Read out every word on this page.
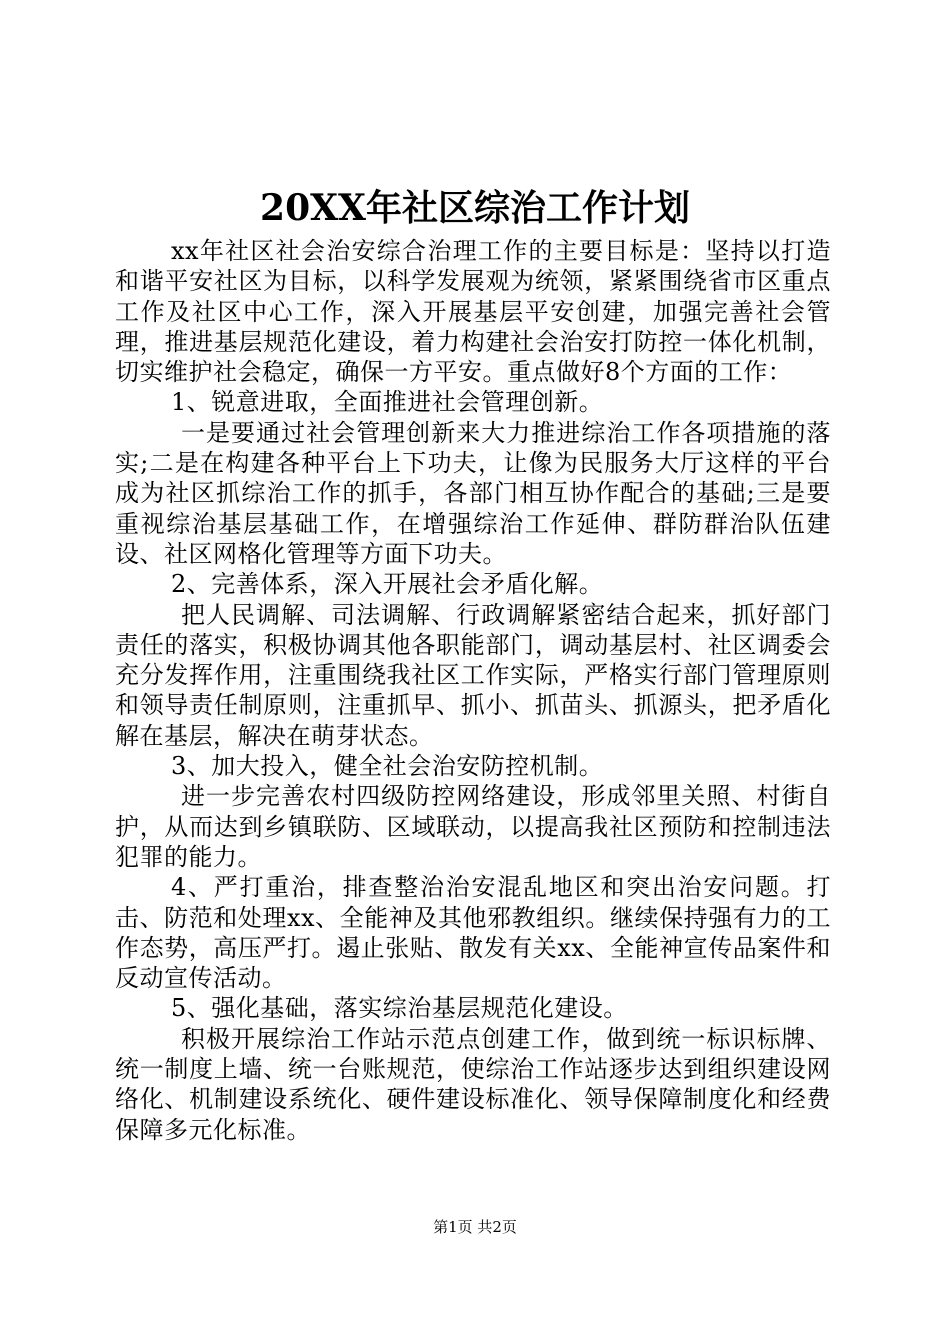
20XX年社区综治工作计划

xx年社区社会治安综合治理工作的主要目标是：坚持以打造和谐平安社区为目标，以科学发展观为统领，紧紧围绕省市区重点工作及社区中心工作，深入开展基层平安创建，加强完善社会管理，推进基层规范化建设，着力构建社会治安打防控一体化机制，切实维护社会稳定，确保一方平安。重点做好8个方面的工作：

1、锐意进取，全面推进社会管理创新。

一是要通过社会管理创新来大力推进综治工作各项措施的落实;二是在构建各种平台上下功夫，让像为民服务大厅这样的平台成为社区抓综治工作的抓手，各部门相互协作配合的基础;三是要重视综治基层基础工作，在增强综治工作延伸、群防群治队伍建设、社区网格化管理等方面下功夫。

2、完善体系，深入开展社会矛盾化解。

把人民调解、司法调解、行政调解紧密结合起来，抓好部门责任的落实，积极协调其他各职能部门，调动基层村、社区调委会充分发挥作用，注重围绕我社区工作实际，严格实行部门管理原则和领导责任制原则，注重抓早、抓小、抓苗头、抓源头，把矛盾化解在基层，解决在萌芽状态。

3、加大投入，健全社会治安防控机制。

进一步完善农村四级防控网络建设，形成邻里关照、村街自护，从而达到乡镇联防、区域联动，以提高我社区预防和控制违法犯罪的能力。

4、严打重治，排查整治治安混乱地区和突出治安问题。打击、防范和处理xx、全能神及其他邪教组织。继续保持强有力的工作态势，高压严打。遏止张贴、散发有关xx、全能神宣传品案件和反动宣传活动。

5、强化基础，落实综治基层规范化建设。

积极开展综治工作站示范点创建工作，做到统一标识标牌、统一制度上墙、统一台账规范，使综治工作站逐步达到组织建设网络化、机制建设系统化、硬件建设标准化、领导保障制度化和经费保障多元化标准。

第1页 共2页
